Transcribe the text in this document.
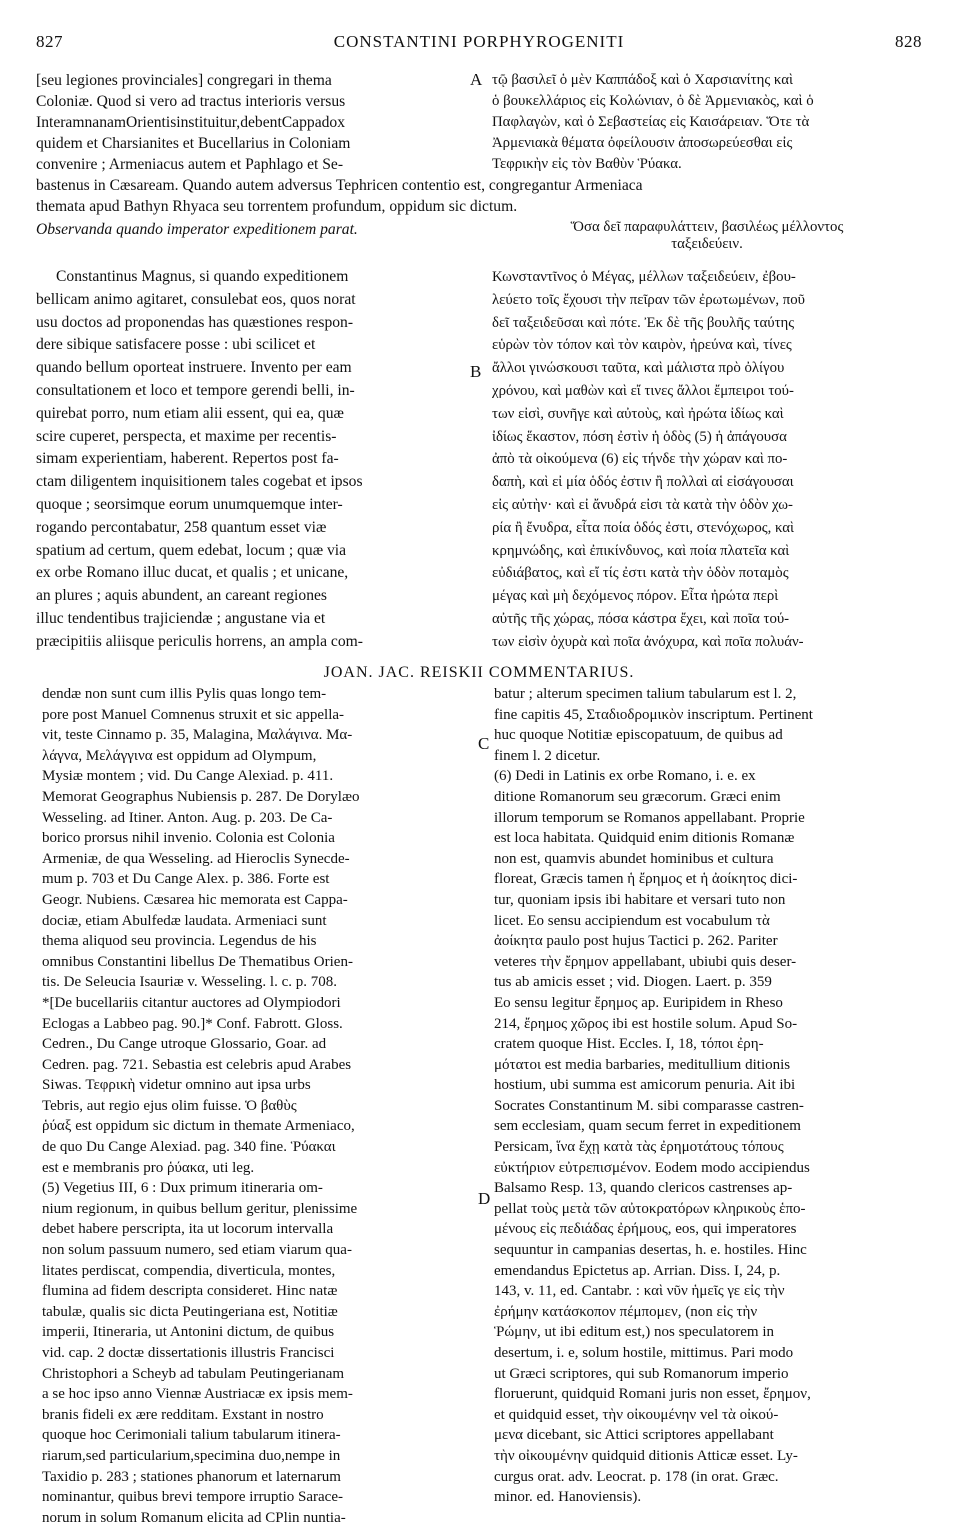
827	CONSTANTINI PORPHYROGENITI	828
[seu legiones provinciales] congregari in thema
Coloniæ. Quod si vero ad tractus interioris versus
InteramnanamOrientisinstituitur,debentCappadox
quidem et Charsianites et Bucellarius in Coloniam
convenire ; Armeniacus autem et Paphlago et Se-
A τῷ βασιλεῖ ὁ μὲν Καππάδοξ καὶ ὁ Χαρσιανίτης καὶ
ὁ βουκελλάριος εἰς Κολώνιαν, ὁ δὲ Ἀρμενιακὸς, καὶ ὁ
Παφλαγὼν, καὶ ὁ Σεβαστείας εἰς Καισάρειαν. Ὅτε τὰ
Ἀρμενιακὰ θέματα ὀφείλουσιν ἀποσωρεύεσθαι εἰς
Τεφρικὴν εἰς τὸν Βαθὺν Ῥύακα.
bastenus in Cæsaream. Quando autem adversus Tephricen contentio est, congregantur Armeniaca
themata apud Bathyn Rhyaca seu torrentem profundum, oppidum sic dictum.
Observanda quando imperator expeditionem parat.	Ὅσα δεῖ παραφυλάττειν, βασιλέως μέλλοντος
ταξειδεύειν.
Constantinus Magnus, si quando expeditionem
bellicam animo agitaret, consulebat eos, quos norat
usu doctos ad proponendas has quæstiones respon-
dere sibique satisfacere posse : ubi scilicet et
quando bellum oporteat instruere. Invento per eam
consultationem et loco et tempore gerendi belli, in-
quirebat porro, num etiam alii essent, qui ea, quæ
scire cuperet, perspecta, et maxime per recentis-
simam experientiam, haberent. Repertos post fa-
ctam diligentem inquisitionem tales cogebat et ipsos
quoque ; seorsimque eorum unumquemque inter-
rogando percontabatur, 258 quantum esset viæ
spatium ad certum, quem edebat, locum ; quæ via
ex orbe Romano illuc ducat, et qualis ; et unicane,
an plures ; aquis abundent, an careant regiones
illuc tendentibus trajiciendæ ; angustane via et
præcipitiis aliisque periculis horrens, an ampla com-
B
Κωνσταντῖνος ὁ Μέγας, μέλλων ταξειδεύειν, ἐβου-
λεύετο τοῖς ἔχουσι τὴν πεῖραν τῶν ἐρωτωμένων, ποῦ
δεῖ ταξειδεῦσαι καὶ πότε. Ἐκ δὲ τῆς βουλῆς ταύτης
εὑρὼν τὸν τόπον καὶ τὸν καιρὸν, ἠρεύνα καὶ, τίνες
ἄλλοι γινώσκουσι ταῦτα, καὶ μάλιστα πρὸ ὀλίγου
χρόνου, καὶ μαθὼν καὶ εἴ τινες ἄλλοι ἔμπειροι τού-
των εἰσὶ, συνῆγε καὶ αὐτοὺς, καὶ ἠρώτα ἰδίως καὶ
ἰδίως ἕκαστον, πόση ἐστὶν ἡ ὁδὸς (5) ἡ ἀπάγουσα
ἀπὸ τὰ οἰκούμενα (6) εἰς τήνδε τὴν χώραν καὶ πο-
δαπὴ, καὶ εἰ μία ὁδός ἐστιν ἢ πολλαὶ αἱ εἰσάγουσαι
εἰς αὐτὴν· καὶ εἰ ἄνυδρά εἰσι τὰ κατὰ τὴν ὁδὸν χω-
ρία ἢ ἔνυδρα, εἶτα ποία ὁδός ἐστι, στενόχωρος, καὶ
κρημνώδης, καὶ ἐπικίνδυνος, καὶ ποία πλατεῖα καὶ
εὐδιάβατος, καὶ εἴ τίς ἐστι κατὰ τὴν ὁδὸν ποταμὸς
μέγας καὶ μὴ δεχόμενος πόρον. Εἶτα ἠρώτα περὶ
αὐτῆς τῆς χώρας, πόσα κάστρα ἔχει, καὶ ποῖα τού-
των εἰσὶν ὀχυρὰ καὶ ποῖα ἀνόχυρα, καὶ ποῖα πολυάν-
JOAN. JAC. REISKII COMMENTARIUS.
dendæ non sunt cum illis Pylis quas longo tem-
pore post Manuel Comnenus struxit et sic appella-
vit, teste Cinnamo p. 35, Malagina, Μαλάγινα. Μα-
λάγνα, Μελάγγινα est oppidum ad Olympum,
Mysiæ montem ; vid. Du Cange Alexiad. p. 411.
Memorat Geographus Nubiensis p. 287. De Dorylæo
Wesseling. ad Itiner. Anton. Aug. p. 203. De Ca-
borico prorsus nihil invenio. Colonia est Colonia
Armeniæ, de qua Wesseling. ad Hieroclis Synecde-
mum p. 703 et Du Cange Alex. p. 386. Forte est
Geogr. Nubiens. Cæsarea hic memorata est Cappa-
dociæ, etiam Abulfedæ laudata. Armeniaci sunt
thema aliquod seu provincia. Legendus de his
omnibus Constantini libellus De Thematibus Orien-
tis. De Seleucia Isauriæ v. Wesseling. l. c. p. 708.
*[De bucellariis citantur auctores ad Olympiodori
Eclogas a Labbeo pag. 90.]* Conf. Fabrott. Gloss.
Cedren., Du Cange utroque Glossario, Goar. ad
Cedren. pag. 721. Sebastia est celebris apud Arabes
Siwas. Τεφρικὴ videtur omnino aut ipsa urbs
Tebris, aut regio ejus olim fuisse. Ὁ βαθὺς
ῥύαξ est oppidum sic dictum in themate Armeniaco,
de quo Du Cange Alexiad. pag. 340 fine. Ῥύακαι
est e membranis pro ῥύακα, uti leg.
(5) Vegetius III, 6 : Dux primum itineraria om-
nium regionum, in quibus bellum geritur, plenissime
debet habere perscripta, ita ut locorum intervalla
non solum passuum numero, sed etiam viarum qua-
litates perdiscat, compendia, diverticula, montes,
flumina ad fidem descripta consideret. Hinc natæ
tabulæ, qualis sic dicta Peutingeriana est, Notitiæ
imperii, Itineraria, ut Antonini dictum, de quibus
vid. cap. 2 doctæ dissertationis illustris Francisci
Christophori a Scheyb ad tabulam Peutingerianam
a se hoc ipso anno Viennæ Austriacæ ex ipsis mem-
branis fideli ex ære redditam. Exstant in nostro
quoque hoc Cerimoniali talium tabularum itinera-
riarum,sed particularium,specimina duo,nempe in
Taxidio p. 283 ; stationes phanorum et laternarum
nominantur, quibus brevi tempore irruptio Sarace-
norum in solum Romanum elicita ad CPlin nuntia-
C
D
batur ; alterum specimen talium tabularum est l. 2,
fine capitis 45, Σταδιοδρομικὸν inscriptum. Pertinent
huc quoque Notitiæ episcopatuum, de quibus ad
finem l. 2 dicetur.
(6) Dedi in Latinis ex orbe Romano, i. e. ex
ditione Romanorum seu græcorum. Græci enim
illorum temporum se Romanos appellabant. Proprie
est loca habitata. Quidquid enim ditionis Romanæ
non est, quamvis abundet hominibus et cultura
floreat, Græcis tamen ἡ ἔρημος et ἡ ἀοίκητος dici-
tur, quoniam ipsis ibi habitare et versari tuto non
licet. Eo sensu accipiendum est vocabulum τὰ
ἀοίκητα paulo post hujus Tactici p. 262. Pariter
veteres τὴν ἔρημον appellabant, ubiubi quis deser-
tus ab amicis esset ; vid. Diogen. Laert. p. 359
Eo sensu legitur ἔρημος ap. Euripidem in Rheso
214, ἔρημος χῶρος ibi est hostile solum. Apud So-
cratem quoque Hist. Eccles. I, 18, τόποι ἐρη-
μότατοι est media barbaries, meditullium ditionis
hostium, ubi summa est amicorum penuria. Ait ibi
Socrates Constantinum M. sibi comparasse castren-
sem ecclesiam, quam secum ferret in expeditionem
Persicam, ἵνα ἔχῃ κατὰ τὰς ἐρημοτάτους τόπους
εὐκτήριον εὐτρεπισμένον. Eodem modo accipiendus
Balsamo Resp. 13, quando clericos castrenses ap-
pellat τοὺς μετὰ τῶν αὐτοκρατόρων κληρικοὺς ἑπο-
μένους εἰς πεδιάδας ἐρήμους, eos, qui imperatores
sequuntur in campanias desertas, h. e. hostiles. Hinc
emendandus Epictetus ap. Arrian. Diss. I, 24, p.
143, v. 11, ed. Cantabr. : καὶ νῦν ἡμεῖς γε εἰς τὴν
ἐρήμην κατάσκοπον πέμπομεν, (non εἰς τὴν
Ῥώμην, ut ibi editum est,) nos speculatorem in
desertum, i. e, solum hostile, mittimus. Pari modo
ut Græci scriptores, qui sub Romanorum imperio
floruerunt, quidquid Romani juris non esset, ἔρημον,
et quidquid esset, τὴν οἰκουμένην vel τὰ οἰκού-
μενα dicebant, sic Attici scriptores appellabant
τὴν οἰκουμένην quidquid ditionis Atticæ esset. Ly-
curgus orat. adv. Leocrat. p. 178 (in orat. Græc.
minor. ed. Hanoviensis).
